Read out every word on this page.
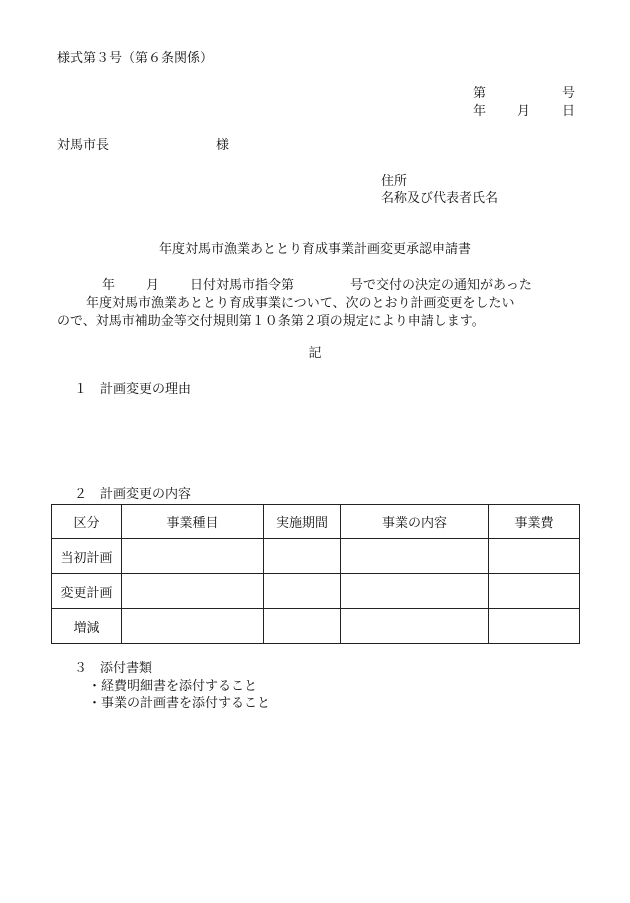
様式第３号（第６条関係）
第	号
年 月 日
対馬市長	様
住所
名称及び代表者氏名
年度対馬市漁業あととり育成事業計画変更承認申請書
年 月 日付対馬市指令第	号で交付の決定の通知があった
年度対馬市漁業あととり育成事業について、次のとおり計画変更をしたい
ので、対馬市補助金等交付規則第１０条第２項の規定により申請します。
記
１　計画変更の理由
２　計画変更の内容
区分	事業種目	実施期間	事業の内容	事業費
当初計画				
変更計画				
増減				
３　添付書類
・経費明細書を添付すること
・事業の計画書を添付すること
